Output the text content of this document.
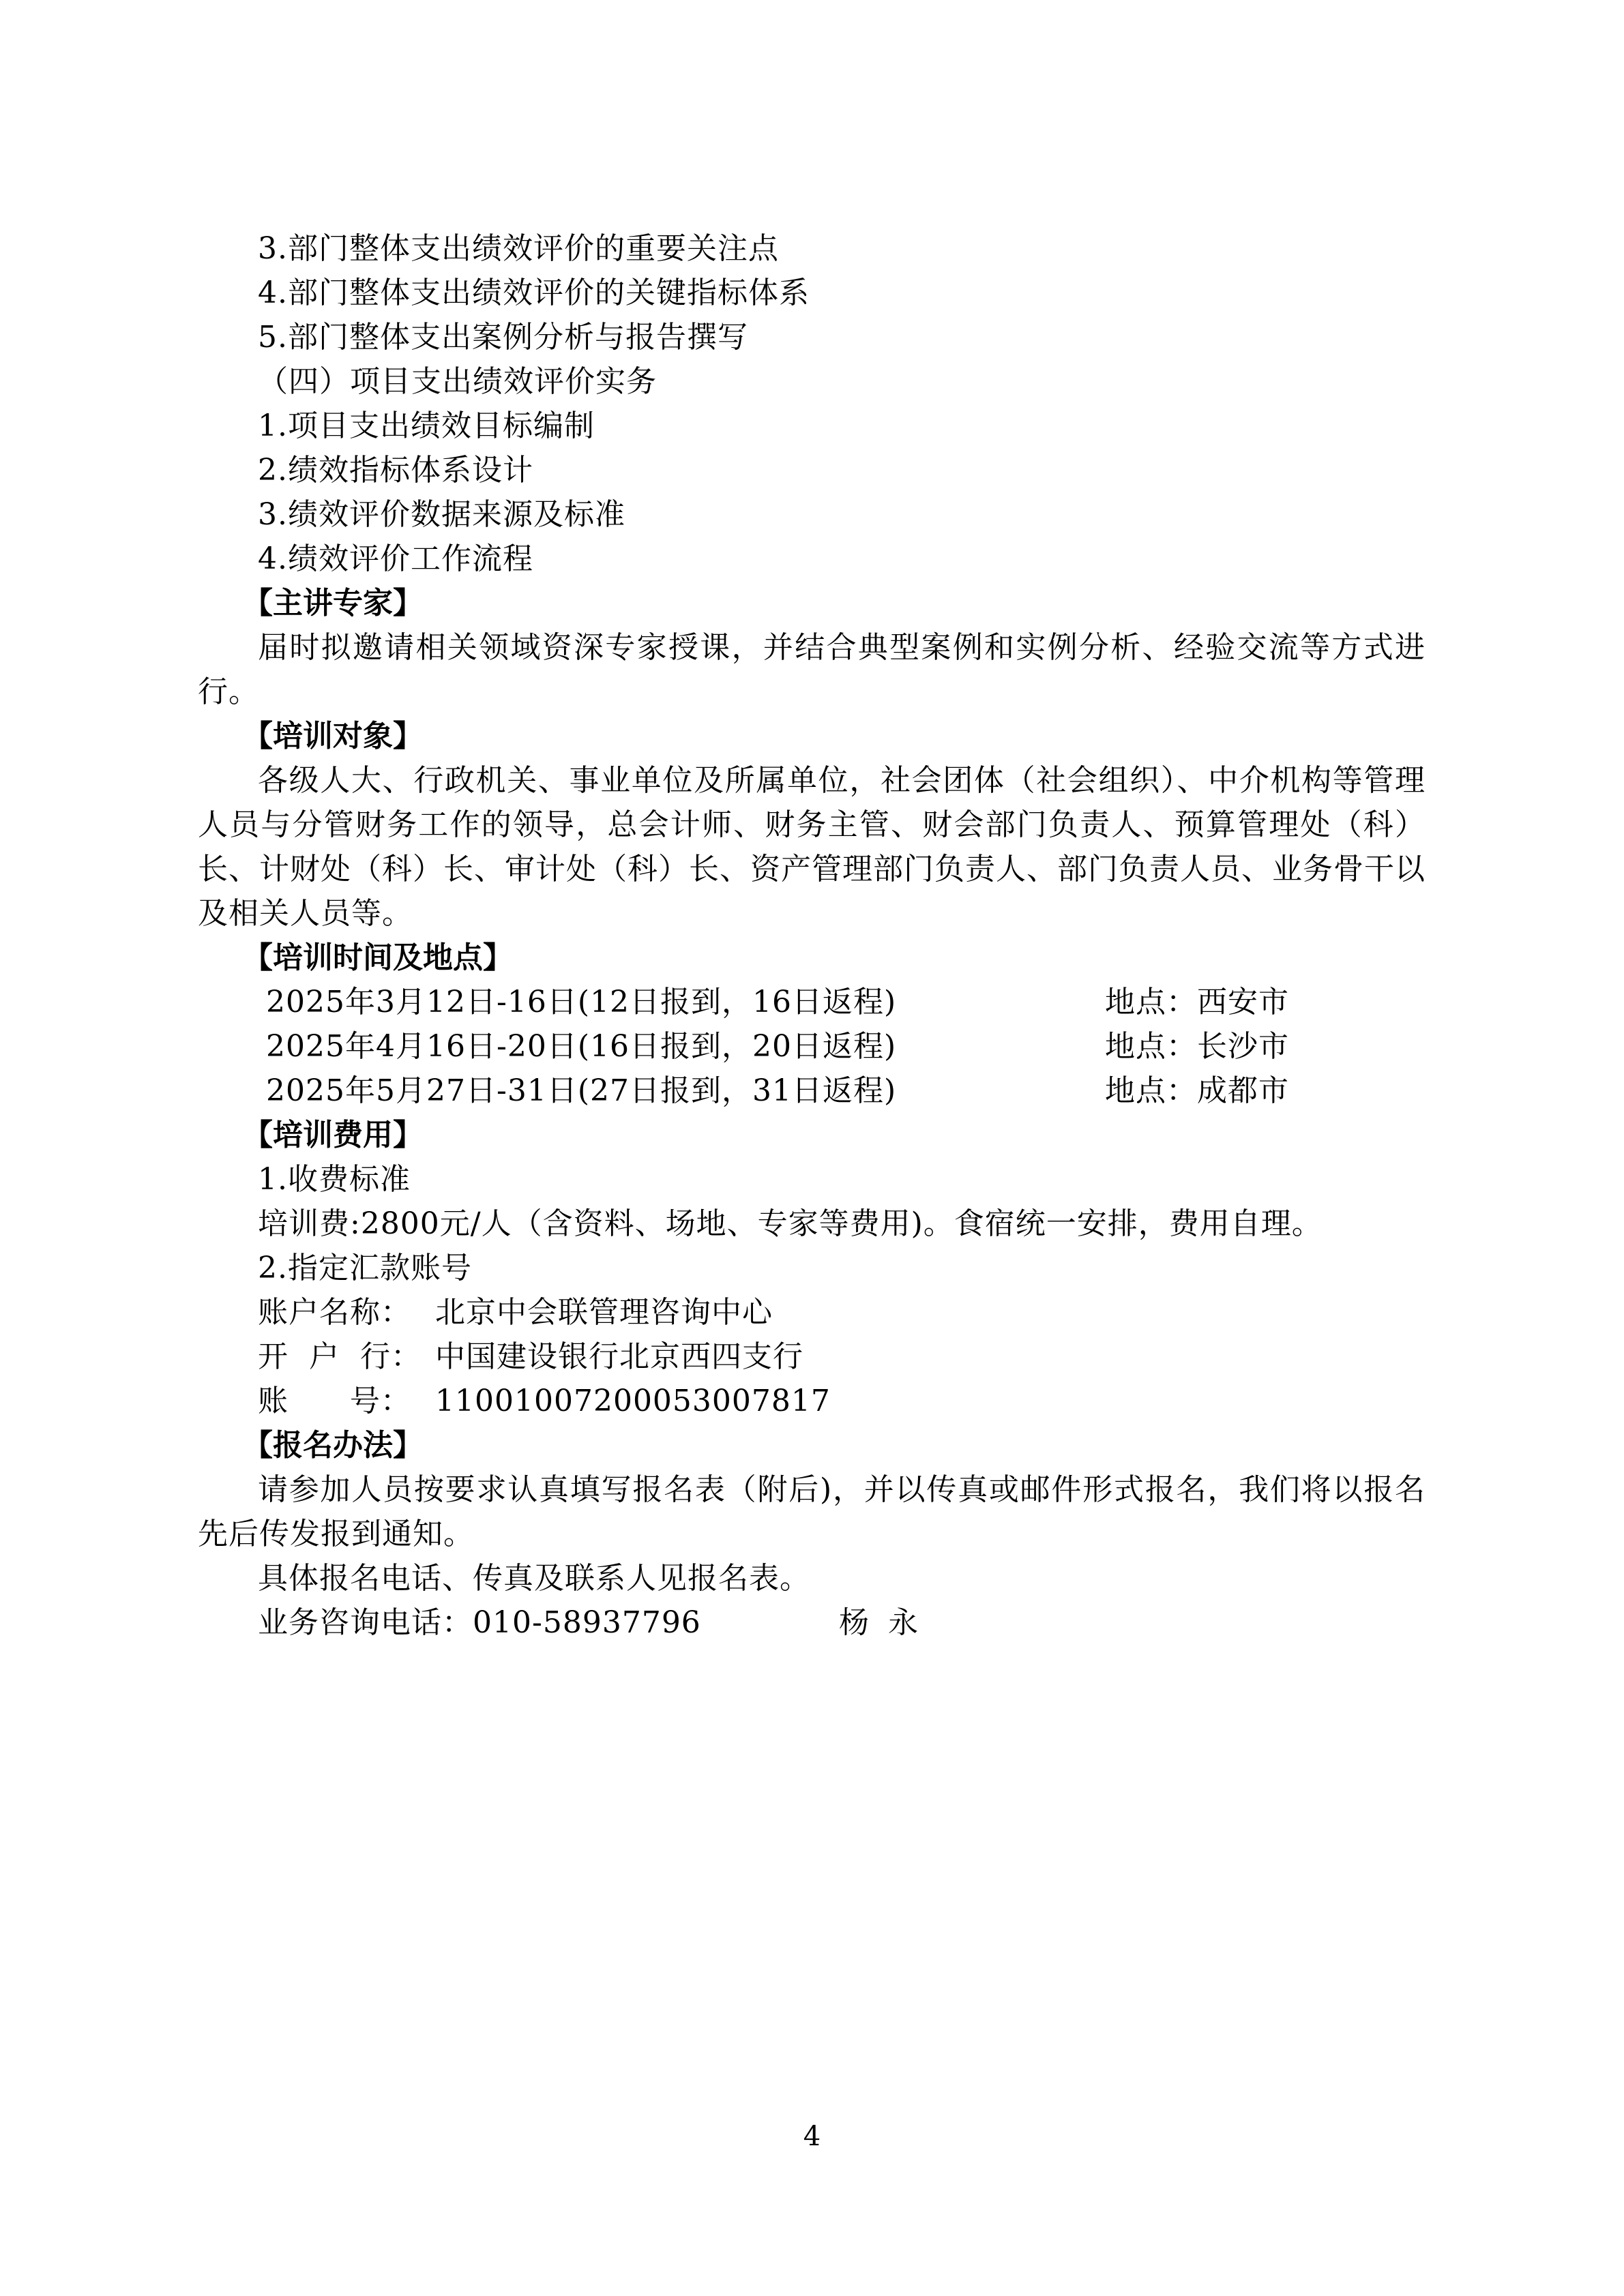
3.部门整体支出绩效评价的重要关注点
4.部门整体支出绩效评价的关键指标体系
5.部门整体支出案例分析与报告撰写
（四）项目支出绩效评价实务
1.项目支出绩效目标编制
2.绩效指标体系设计
3.绩效评价数据来源及标准
4.绩效评价工作流程
【主讲专家】
届时拟邀请相关领域资深专家授课，并结合典型案例和实例分析、经验交流等方式进行。
【培训对象】
各级人大、行政机关、事业单位及所属单位，社会团体（社会组织）、中介机构等管理人员与分管财务工作的领导，总会计师、财务主管、财会部门负责人、预算管理处（科）长、计财处（科）长、审计处（科）长、资产管理部门负责人、部门负责人员、业务骨干以及相关人员等。
【培训时间及地点】
2025年3月12日-16日(12日报到，16日返程)	地点：西安市
2025年4月16日-20日(16日报到，20日返程)	地点：长沙市
2025年5月27日-31日(27日报到，31日返程)	地点：成都市
【培训费用】
1.收费标准
培训费:2800元/人（含资料、场地、专家等费用)。食宿统一安排，费用自理。
2.指定汇款账号
账户名称： 北京中会联管理咨询中心
开  户  行： 中国建设银行北京西四支行
账      号： 11001007200053007817
【报名办法】
请参加人员按要求认真填写报名表（附后)，并以传真或邮件形式报名，我们将以报名先后传发报到通知。
具体报名电话、传真及联系人见报名表。
业务咨询电话：010-58937796	杨永
4
